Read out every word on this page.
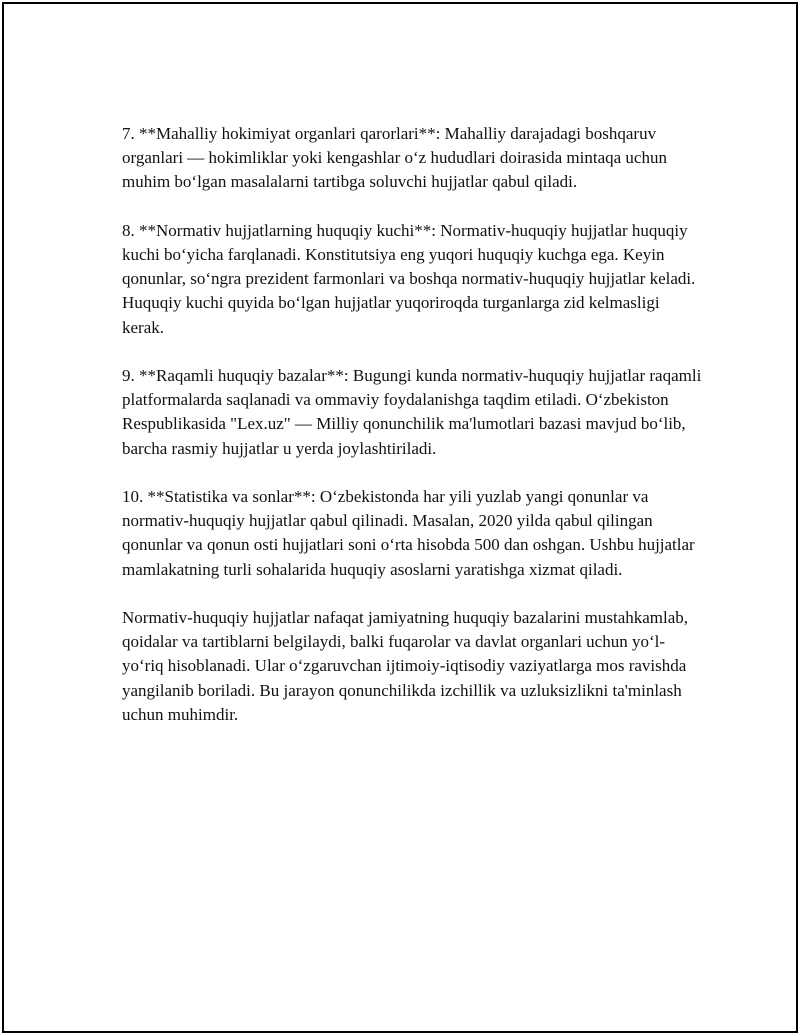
7. **Mahalliy hokimiyat organlari qarorlari**: Mahalliy darajadagi boshqaruv organlari — hokimliklar yoki kengashlar o‘z hududlari doirasida mintaqa uchun muhim bo‘lgan masalalarni tartibga soluvchi hujjatlar qabul qiladi.

8. **Normativ hujjatlarning huquqiy kuchi**: Normativ-huquqiy hujjatlar huquqiy kuchi bo‘yicha farqlanadi. Konstitutsiya eng yuqori huquqiy kuchga ega. Keyin qonunlar, so‘ngra prezident farmonlari va boshqa normativ-huquqiy hujjatlar keladi. Huquqiy kuchi quyida bo‘lgan hujjatlar yuqoriroqda turganlarga zid kelmasligi kerak.

9. **Raqamli huquqiy bazalar**: Bugungi kunda normativ-huquqiy hujjatlar raqamli platformalarda saqlanadi va ommaviy foydalanishga taqdim etiladi. O‘zbekiston Respublikasida "Lex.uz" — Milliy qonunchilik ma'lumotlari bazasi mavjud bo‘lib, barcha rasmiy hujjatlar u yerda joylashtiriladi.

10. **Statistika va sonlar**: O‘zbekistonda har yili yuzlab yangi qonunlar va normativ-huquqiy hujjatlar qabul qilinadi. Masalan, 2020 yilda qabul qilingan qonunlar va qonun osti hujjatlari soni o‘rta hisobda 500 dan oshgan. Ushbu hujjatlar mamlakatning turli sohalarida huquqiy asoslarni yaratishga xizmat qiladi.

Normativ-huquqiy hujjatlar nafaqat jamiyatning huquqiy bazalarini mustahkamlab, qoidalar va tartiblarni belgilaydi, balki fuqarolar va davlat organlari uchun yo‘l-yo‘riq hisoblanadi. Ular o‘zgaruvchan ijtimoiy-iqtisodiy vaziyatlarga mos ravishda yangilanib boriladi. Bu jarayon qonunchilikda izchillik va uzluksizlikni ta'minlash uchun muhimdir.
